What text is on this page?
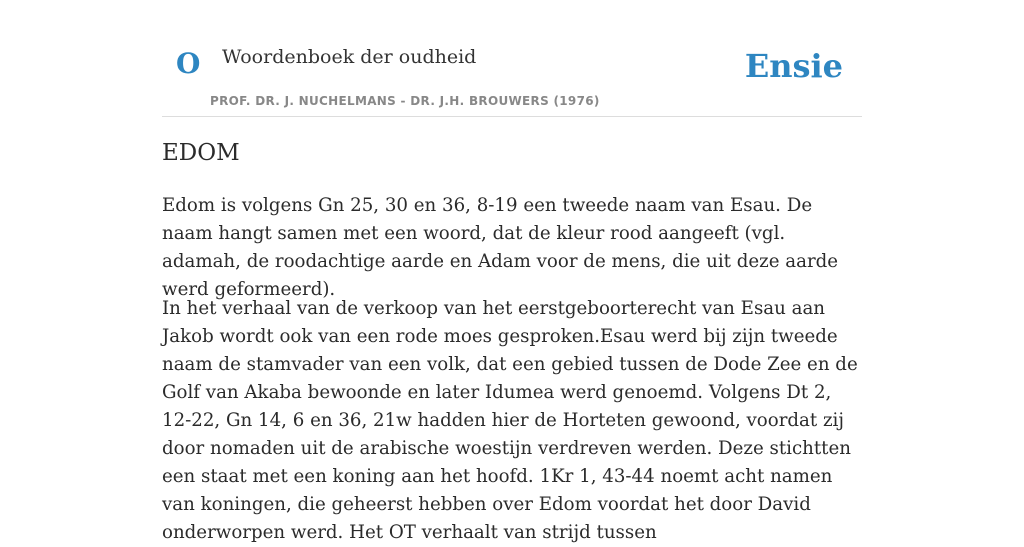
O Woordenboek der oudheid
PROF. DR. J. NUCHELMANS - DR. J.H. BROUWERS (1976)
Ensie
EDOM

Edom is volgens Gn 25, 30 en 36, 8-19 een tweede naam van Esau. De naam hangt samen met een woord, dat de kleur rood aangeeft (vgl. adamah, de roodachtige aarde en Adam voor de mens, die uit deze aarde werd geformeerd).

In het verhaal van de verkoop van het eerstgeboorterecht van Esau aan Jakob wordt ook van een rode moes gesproken.Esau werd bij zijn tweede naam de stamvader van een volk, dat een gebied tussen de Dode Zee en de Golf van Akaba bewoonde en later Idumea werd genoemd. Volgens Dt 2, 12-22, Gn 14, 6 en 36, 21w hadden hier de Horteten gewoond, voordat zij door nomaden uit de arabische woestijn verdreven werden. Deze stichtten een staat met een koning aan het hoofd. 1Kr 1, 43-44 noemt acht namen van koningen, die geheerst hebben over Edom voordat het door David onderworpen werd. Het OT verhaalt van strijd tussen
